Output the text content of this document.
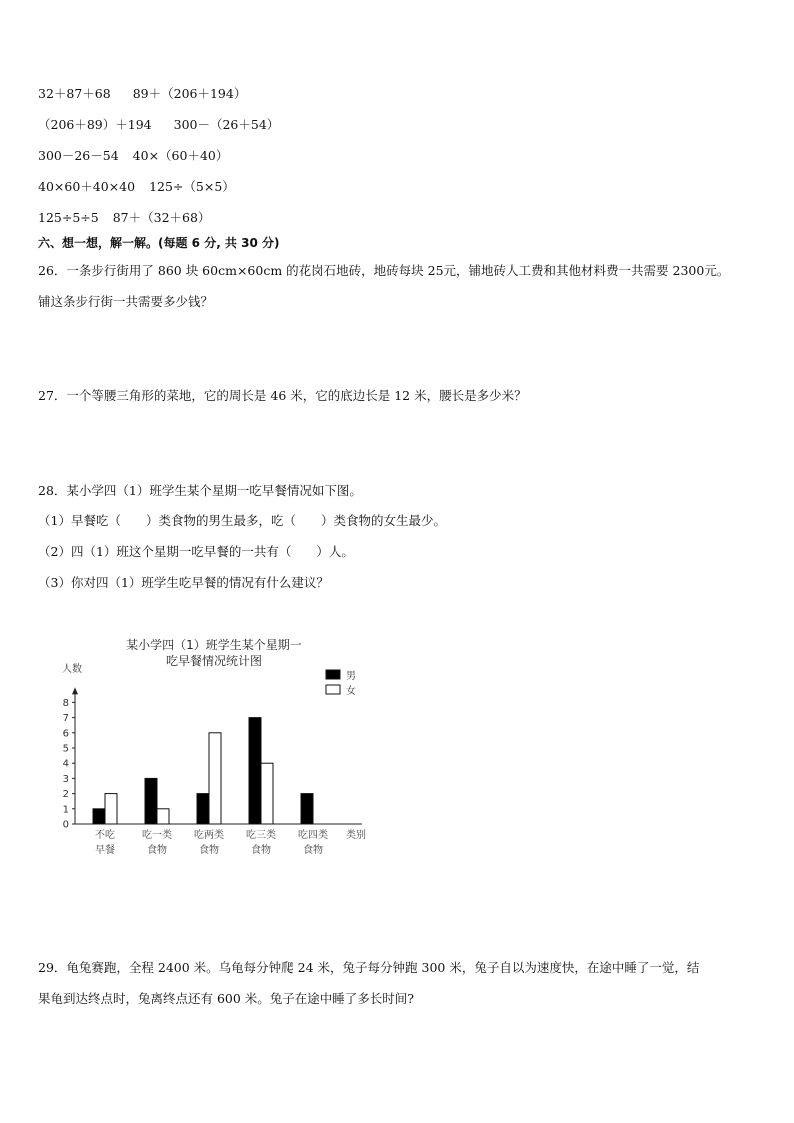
32＋87＋68 89＋（206＋194）
（206＋89）＋194 300－（26＋54）
300－26－54 40×（60＋40）
40×60＋40×40 125÷（5×5）
125÷5÷5 87＋（32＋68）
六、想一想，解一解。(每题 6 分, 共 30 分)
26．一条步行街用了 860 块 60cm×60cm 的花岗石地砖，地砖每块 25元，铺地砖人工费和其他材料费一共需要 2300元。
铺这条步行街一共需要多少钱？
27．一个等腰三角形的菜地，它的周长是 46 米，它的底边长是 12 米，腰长是多少米？
28．某小学四（1）班学生某个星期一吃早餐情况如下图。
（1）早餐吃（　　）类食物的男生最多，吃（　　）类食物的女生最少。
（2）四（1）班这个星期一吃早餐的一共有（　　）人。
（3）你对四（1）班学生吃早餐的情况有什么建议？
某小学四（1）班学生某个星期一
吃早餐情况统计图
人数
0
1
2
3
4
5
6
7
8
不吃
早餐
吃一类
食物
吃两类
食物
吃三类
食物
吃四类
食物
类别
男
女
29．龟兔赛跑，全程 2400 米。乌龟每分钟爬 24 米，兔子每分钟跑 300 米，兔子自以为速度快，在途中睡了一觉，结
果龟到达终点时，兔离终点还有 600 米。兔子在途中睡了多长时间?
